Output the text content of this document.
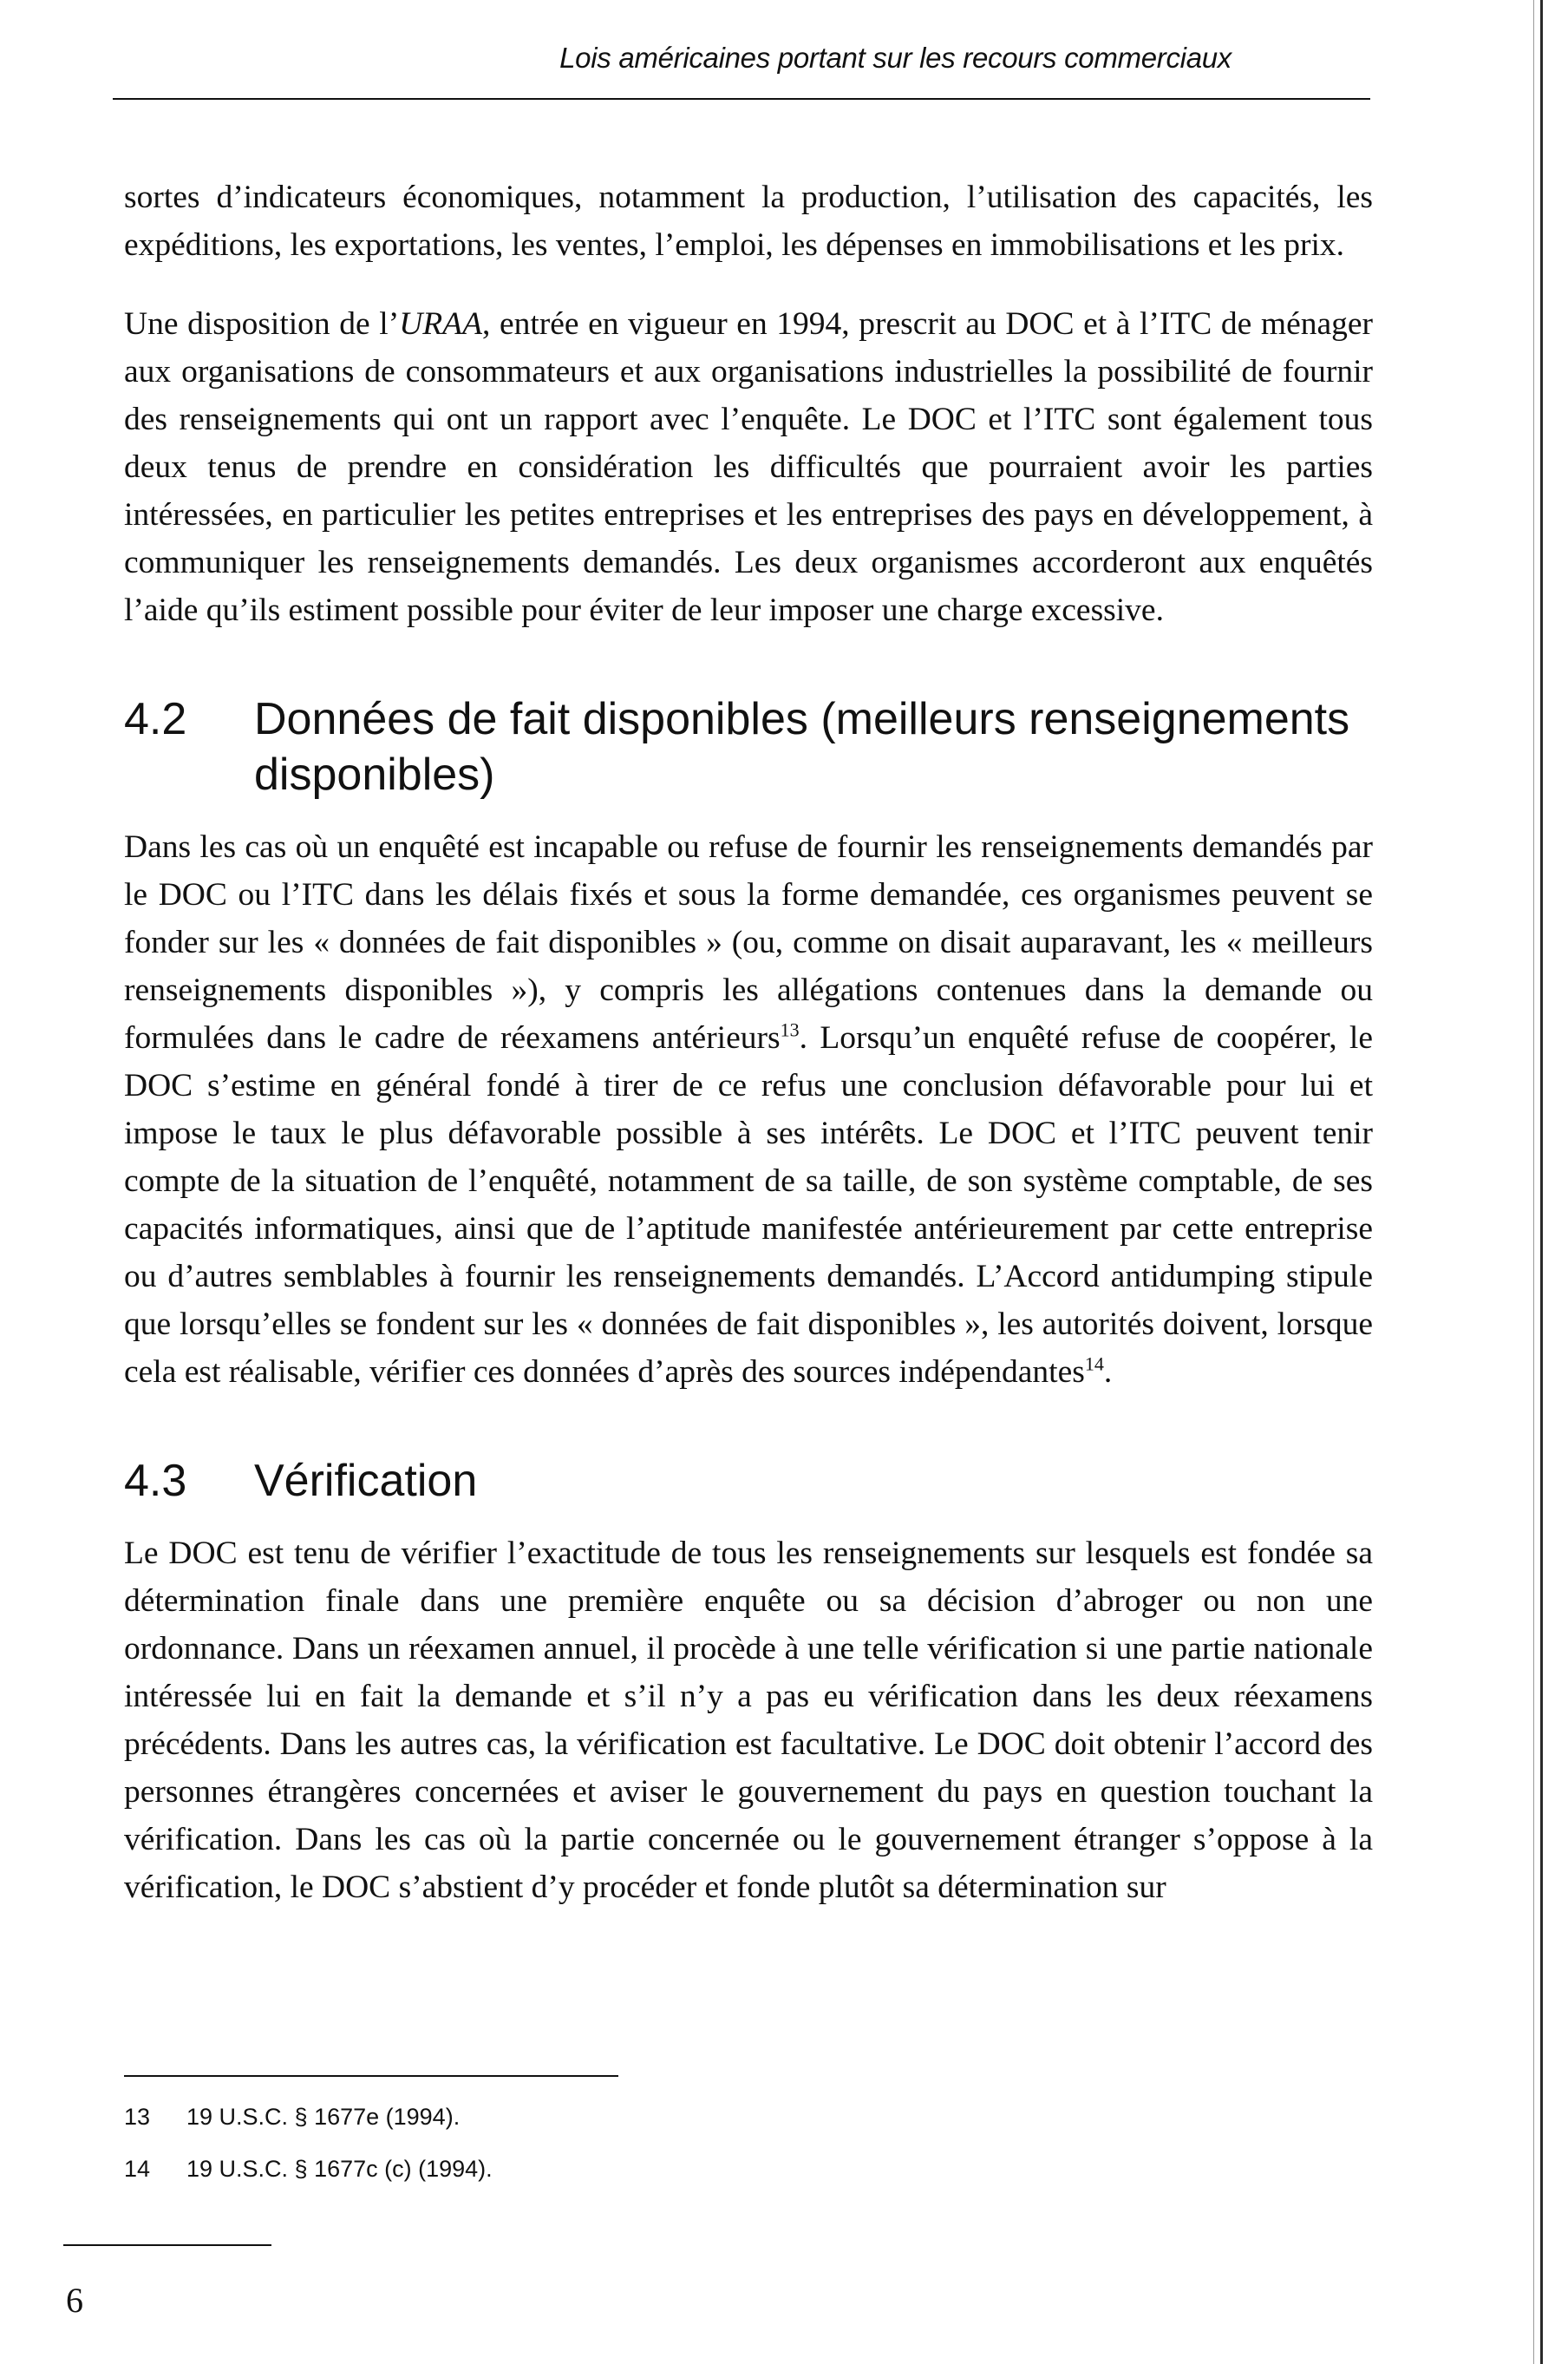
Lois américaines portant sur les recours commerciaux

sortes d’indicateurs économiques, notamment la production, l’utilisation des capacités, les expéditions, les exportations, les ventes, l’emploi, les dépenses en immobilisations et les prix.

Une disposition de l’URAA, entrée en vigueur en 1994, prescrit au DOC et à l’ITC de ménager aux organisations de consommateurs et aux organisations industrielles la possibilité de fournir des renseignements qui ont un rapport avec l’enquête. Le DOC et l’ITC sont également tous deux tenus de prendre en considération les difficultés que pourraient avoir les parties intéressées, en particulier les petites entreprises et les entreprises des pays en développement, à communiquer les renseignements demandés. Les deux organismes accorderont aux enquêtés l’aide qu’ils estiment possible pour éviter de leur imposer une charge excessive.

4.2	Données de fait disponibles (meilleurs renseignements disponibles)

Dans les cas où un enquêté est incapable ou refuse de fournir les renseignements demandés par le DOC ou l’ITC dans les délais fixés et sous la forme demandée, ces organismes peuvent se fonder sur les « données de fait disponibles » (ou, comme on disait auparavant, les « meilleurs renseignements disponibles »), y compris les allégations contenues dans la demande ou formulées dans le cadre de réexamens antérieurs$^{13}$. Lorsqu’un enquêté refuse de coopérer, le DOC s’estime en général fondé à tirer de ce refus une conclusion défavorable pour lui et impose le taux le plus défavorable possible à ses intérêts. Le DOC et l’ITC peuvent tenir compte de la situation de l’enquêté, notamment de sa taille, de son système comptable, de ses capacités informatiques, ainsi que de l’aptitude manifestée antérieurement par cette entreprise ou d’autres semblables à fournir les renseignements demandés. L’Accord antidumping stipule que lorsqu’elles se fondent sur les « données de fait disponibles », les autorités doivent, lorsque cela est réalisable, vérifier ces données d’après des sources indépendantes$^{14}$.

4.3	Vérification

Le DOC est tenu de vérifier l’exactitude de tous les renseignements sur lesquels est fondée sa détermination finale dans une première enquête ou sa décision d’abroger ou non une ordonnance. Dans un réexamen annuel, il procède à une telle vérification si une partie nationale intéressée lui en fait la demande et s’il n’y a pas eu vérification dans les deux réexamens précédents. Dans les autres cas, la vérification est facultative. Le DOC doit obtenir l’accord des personnes étrangères concernées et aviser le gouvernement du pays en question touchant la vérification. Dans les cas où la partie concernée ou le gouvernement étranger s’oppose à la vérification, le DOC s’abstient d’y procéder et fonde plutôt sa détermination sur

13	19 U.S.C. § 1677e (1994).
14	19 U.S.C. § 1677c (c) (1994).
6
